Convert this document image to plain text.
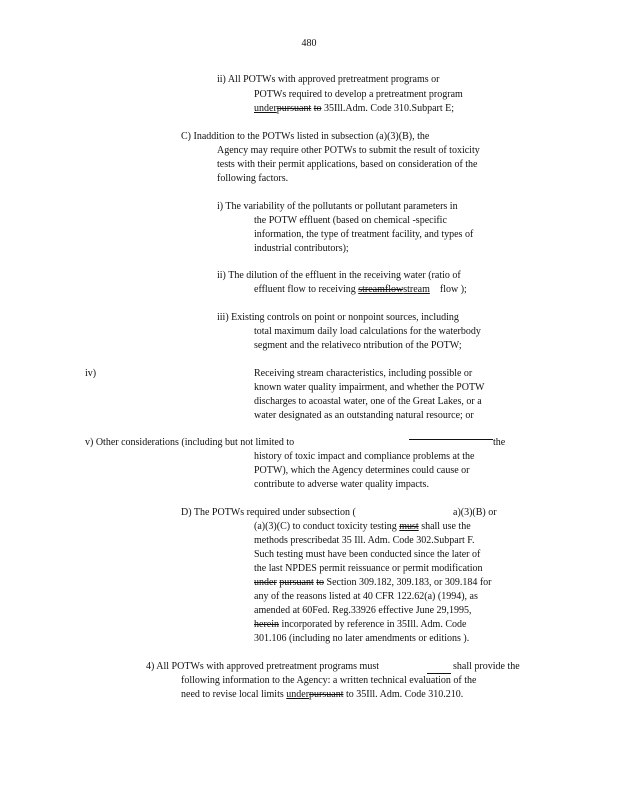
480
ii) All POTWs with approved pretreatment programs or
POTWs required to develop a pretreatment program
underpursuant to 35Ill.Adm. Code 310.Subpart E;
C) Inaddition to the POTWs listed in subsection (a)(3)(B), the
Agency may require other POTWs to submit the result of toxicity
tests with their permit applications, based on consideration of the
following factors.
i) The variability of the pollutants or pollutant parameters in
the POTW effluent (based on chemical -specific
information, the type of treatment facility, and types of
industrial contributors);
ii) The dilution of the effluent in the receiving water (ratio of
effluent flow to receiving streamflowstream flow );
iii) Existing controls on point or nonpoint sources, including
total maximum daily load calculations for the waterbody
segment and the relativeco ntribution of the POTW;
iv)	Receiving stream characteristics, including possible or
known water quality impairment, and whether the POTW
discharges to acoastal water, one of the Great Lakes, or a
water designated as an outstanding natural resource; or
v) Other considerations (including but not limited to	the
history of toxic impact and compliance problems at the
POTW), which the Agency determines could cause or
contribute to adverse water quality impacts.
D) The POTWs required under subsection (	a)(3)(B) or
(a)(3)(C) to conduct toxicity testing must shall use the
methods prescribedat 35 Ill. Adm. Code 302.Subpart F.
Such testing must have been conducted since the later of
the last NPDES permit reissuance or permit modification
under pursuant to Section 309.182, 309.183, or 309.184 for
any of the reasons listed at 40 CFR 122.62(a) (1994), as
amended at 60Fed. Reg.33926 effective June 29,1995,
herein incorporated by reference in 35Ill. Adm. Code
301.106 (including no later amendments or editions ).
4) All POTWs with approved pretreatment programs must	shall provide the
following information to the Agency: a written technical evaluation of the
need to revise local limits underpursuant to 35Ill. Adm. Code 310.210.
